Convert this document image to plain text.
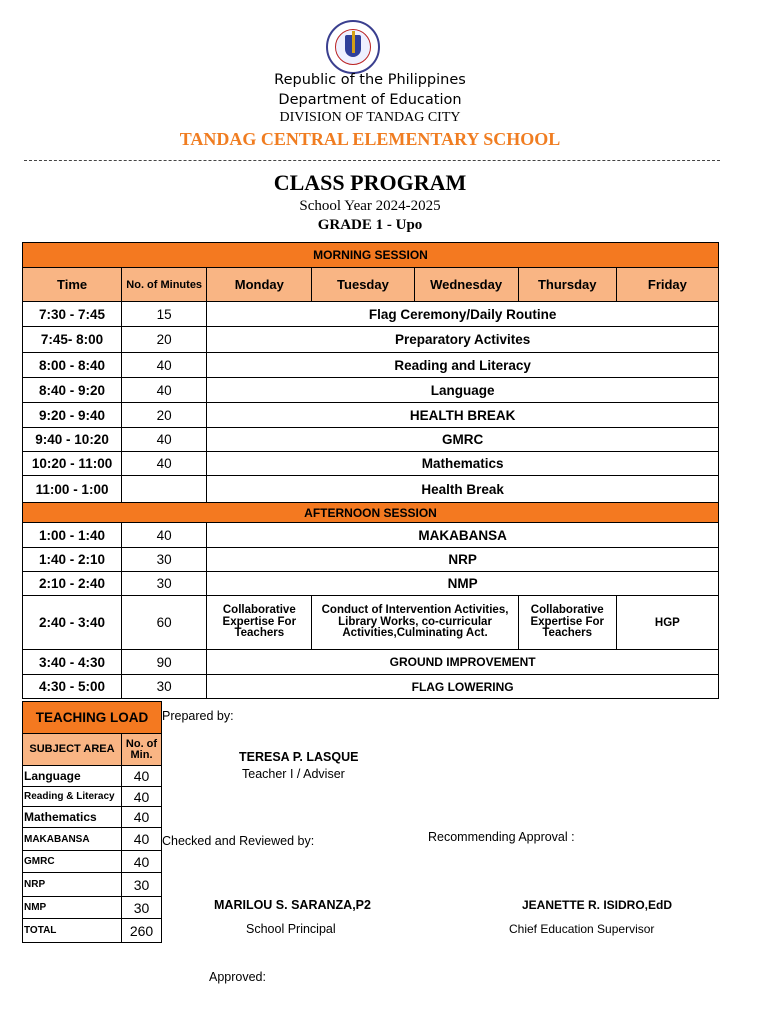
Republic of the Philippines
Department of Education
DIVISION OF TANDAG CITY
TANDAG CENTRAL ELEMENTARY SCHOOL
CLASS PROGRAM
School Year 2024-2025
GRADE 1 - Upo
MORNING SESSION						
Time	No. of Minutes	Monday	Tuesday	Wednesday	Thursday	Friday
7:30 - 7:45	15	Flag Ceremony/Daily Routine				
7:45- 8:00	20	Preparatory Activites				
8:00 - 8:40	40	Reading and Literacy				
8:40 - 9:20	40	Language				
9:20 - 9:40	20	HEALTH BREAK				
9:40 - 10:20	40	GMRC				
10:20 - 11:00	40	Mathematics				
11:00 - 1:00		Health Break				
AFTERNOON SESSION						
1:00 - 1:40	40	MAKABANSA				
1:40 - 2:10	30	NRP				
2:10 - 2:40	30	NMP				
2:40 - 3:40	60	Collaborative Expertise For Teachers	Conduct of Intervention Activities, Library Works, co-curricular Activities,Culminating Act.		Collaborative Expertise For Teachers	HGP
3:40 - 4:30	90	GROUND IMPROVEMENT				
4:30 - 5:00	30	FLAG LOWERING				
TEACHING LOAD	
SUBJECT AREA	No. of Min.
Language	40
Reading & Literacy	40
Mathematics	40
MAKABANSA	40
GMRC	40
NRP	30
NMP	30
TOTAL	260
Prepared by:
TERESA P. LASQUE
Teacher I / Adviser
Checked and Reviewed by:	Recommending Approval :
MARILOU S. SARANZA,P2
School Principal
JEANETTE R. ISIDRO,EdD
Chief Education Supervisor
Approved:
